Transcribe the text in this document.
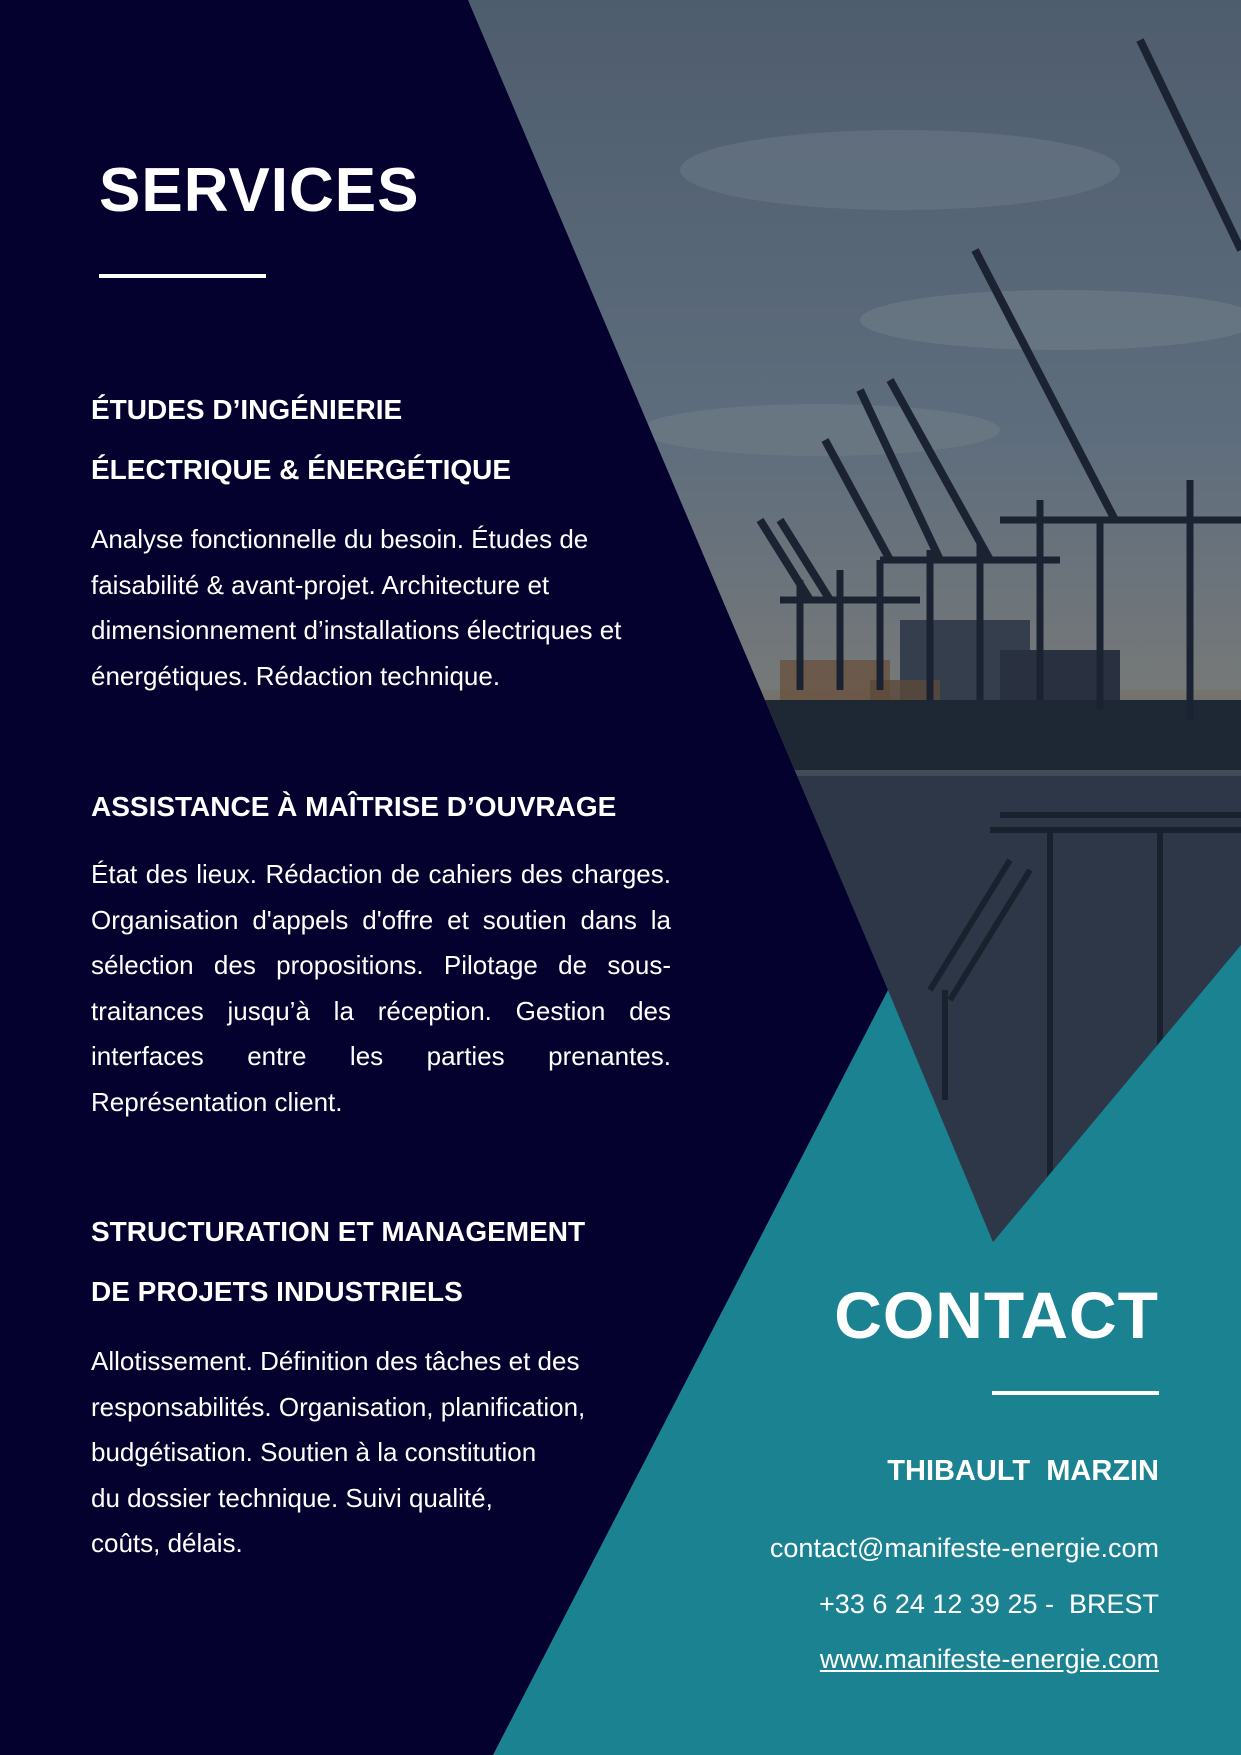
SERVICES
ÉTUDES D’INGÉNIERIE
ÉLECTRIQUE & ÉNERGÉTIQUE

Analyse fonctionnelle du besoin. Études de faisabilité & avant-projet. Architecture et dimensionnement d’installations électriques et énergétiques. Rédaction technique.

ASSISTANCE À MAÎTRISE D’OUVRAGE

État des lieux. Rédaction de cahiers des charges. Organisation d'appels d'offre et soutien dans la sélection des propositions. Pilotage de sous-traitances jusqu’à la réception. Gestion des interfaces entre les parties prenantes. Représentation client.

STRUCTURATION ET MANAGEMENT
DE PROJETS INDUSTRIELS
Allotissement. Définition des tâches et des
responsabilités. Organisation, planification,
budgétisation. Soutien à la constitution
du dossier technique. Suivi qualité,
coûts, délais.
CONTACT
THIBAULT  MARZIN
contact@manifeste-energie.com
+33 6 24 12 39 25 -  BREST
www.manifeste-energie.com
